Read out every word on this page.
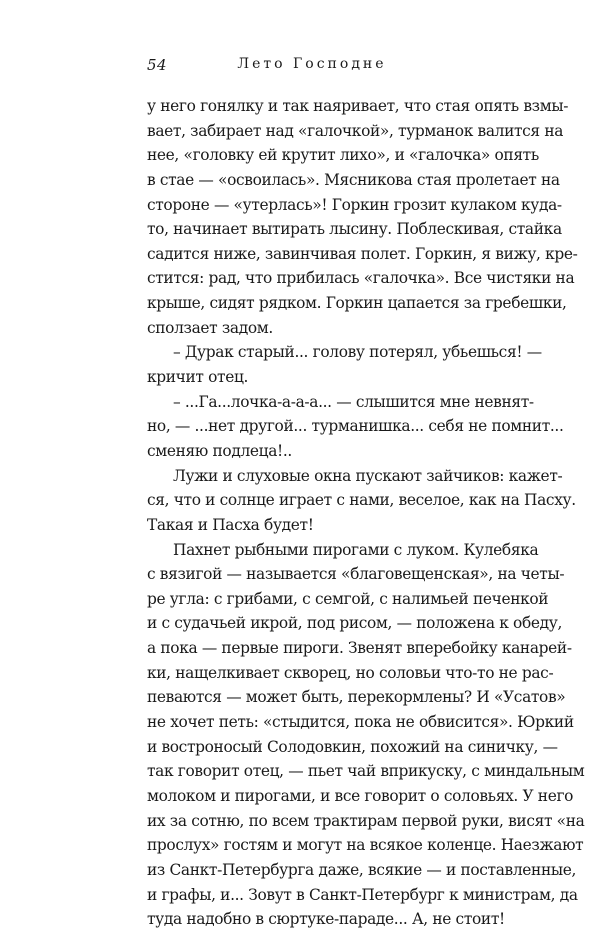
54	Лето Господне
у него гонялку и так наяривает, что стая опять взмы-
вает, забирает над «галочкой», турманок валится на
нее, «головку ей крутит лихо», и «галочка» опять
в стае — «освоилась». Мясникова стая пролетает на
стороне — «утерлась»! Горкин грозит кулаком куда-
то, начинает вытирать лысину. Поблескивая, стайка
садится ниже, завинчивая полет. Горкин, я вижу, кре-
стится: рад, что прибилась «галочка». Все чистяки на
крыше, сидят рядком. Горкин цапается за гребешки,
сползает задом.
– Дурак старый... голову потерял, убьешься! —
кричит отец.
– ...Га...лочка-а-а-а... — слышится мне невнят-
но, — ...нет другой... турманишка... себя не помнит...
сменяю подлеца!..
Лужи и слуховые окна пускают зайчиков: кажет-
ся, что и солнце играет с нами, веселое, как на Пасху.
Такая и Пасха будет!
Пахнет рыбными пирогами с луком. Кулебяка
с вязигой — называется «благовещенская», на четы-
ре угла: с грибами, с семгой, с налимьей печенкой
и с судачьей икрой, под рисом, — положена к обеду,
а пока — первые пироги. Звенят вперебойку канарей-
ки, нащелкивает скворец, но соловьи что-то не рас-
певаются — может быть, перекормлены? И «Усатов»
не хочет петь: «стыдится, пока не обвисится». Юркий
и востроносый Солодовкин, похожий на синичку, —
так говорит отец, — пьет чай вприкуску, с миндальным
молоком и пирогами, и все говорит о соловьях. У него
их за сотню, по всем трактирам первой руки, висят «на
прослух» гостям и могут на всякое коленце. Наезжают
из Санкт-Петербурга даже, всякие — и поставленные,
и графы, и... Зовут в Санкт-Петербург к министрам, да
туда надобно в сюртуке-параде... А, не стоит!
